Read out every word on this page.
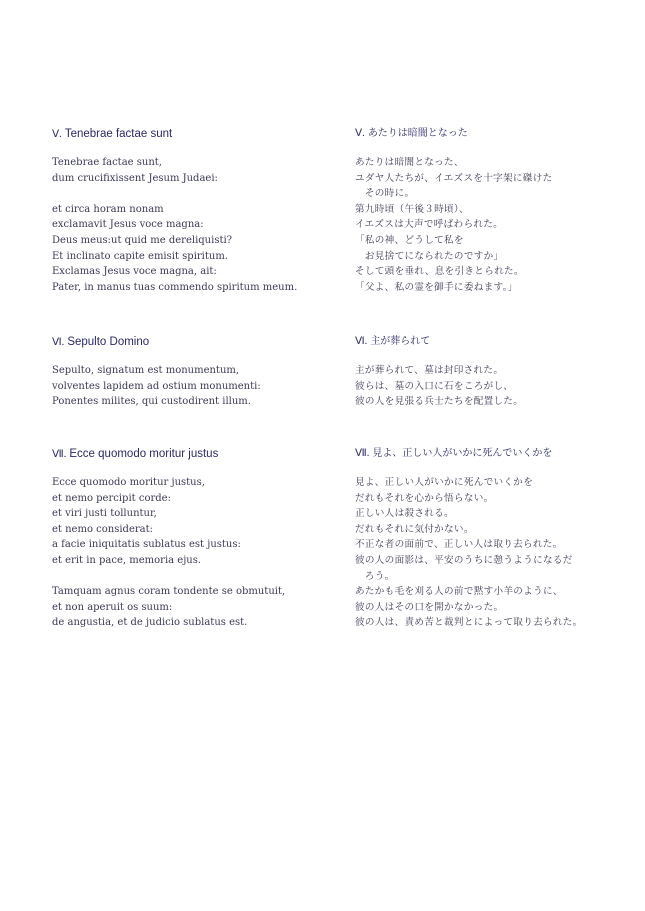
Ⅴ. Tenebrae factae sunt
Tenebrae factae sunt,
dum crucifixissent Jesum Judaei:
et circa horam nonam
exclamavit Jesus voce magna:
Deus meus:ut quid me dereliquisti?
Et inclinato capite emisit spiritum.
Exclamas Jesus voce magna, ait:
Pater, in manus tuas commendo spiritum meum.
Ⅵ. Sepulto Domino
Sepulto, signatum est monumentum,
volventes lapidem ad ostium monumenti:
Ponentes milites, qui custodirent illum.
Ⅶ. Ecce quomodo moritur justus
Ecce quomodo moritur justus,
et nemo percipit corde:
et viri justi tolluntur,
et nemo considerat:
a facie iniquitatis sublatus est justus:
et erit in pace, memoria ejus.
Tamquam agnus coram tondente se obmutuit,
et non aperuit os suum:
de angustia, et de judicio sublatus est.
Ⅴ. あたりは暗闇となった
あたりは暗闇となった、
ユダヤ人たちが、イエズスを十字架に磔けた
　その時に。
第九時頃（午後３時頃）、
イエズスは大声で呼ばわられた。
「私の神、どうして私を
　お見捨てになられたのですか」
そして頭を垂れ、息を引きとられた。
「父よ、私の霊を御手に委ねます。」
Ⅵ. 主が葬られて
主が葬られて、墓は封印された。
彼らは、墓の入口に石をころがし、
彼の人を見張る兵士たちを配置した。
Ⅶ. 見よ、正しい人がいかに死んでいくかを
見よ、正しい人がいかに死んでいくかを
だれもそれを心から悟らない。
正しい人は殺される。
だれもそれに気付かない。
不正な者の面前で、正しい人は取り去られた。
彼の人の面影は、平安のうちに憩うようになるだ
　ろう。
あたかも毛を刈る人の前で黙す小羊のように、
彼の人はその口を開かなかった。
彼の人は、責め苦と裁判とによって取り去られた。
